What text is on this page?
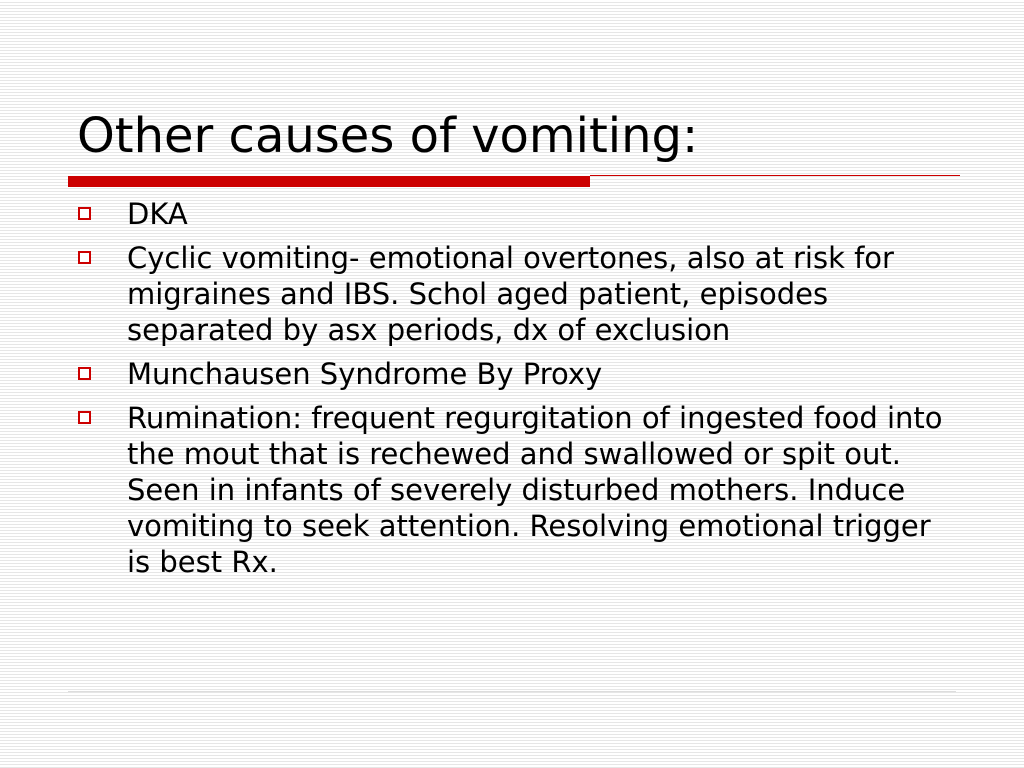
Other causes of vomiting:
DKA
Cyclic vomiting- emotional overtones, also at risk for migraines and IBS. Schol aged patient, episodes separated by asx periods, dx of exclusion
Munchausen Syndrome By Proxy
Rumination: frequent regurgitation of ingested food into the mout that is rechewed and swallowed or spit out. Seen in infants of severely disturbed mothers. Induce vomiting to seek attention. Resolving emotional trigger is best Rx.
